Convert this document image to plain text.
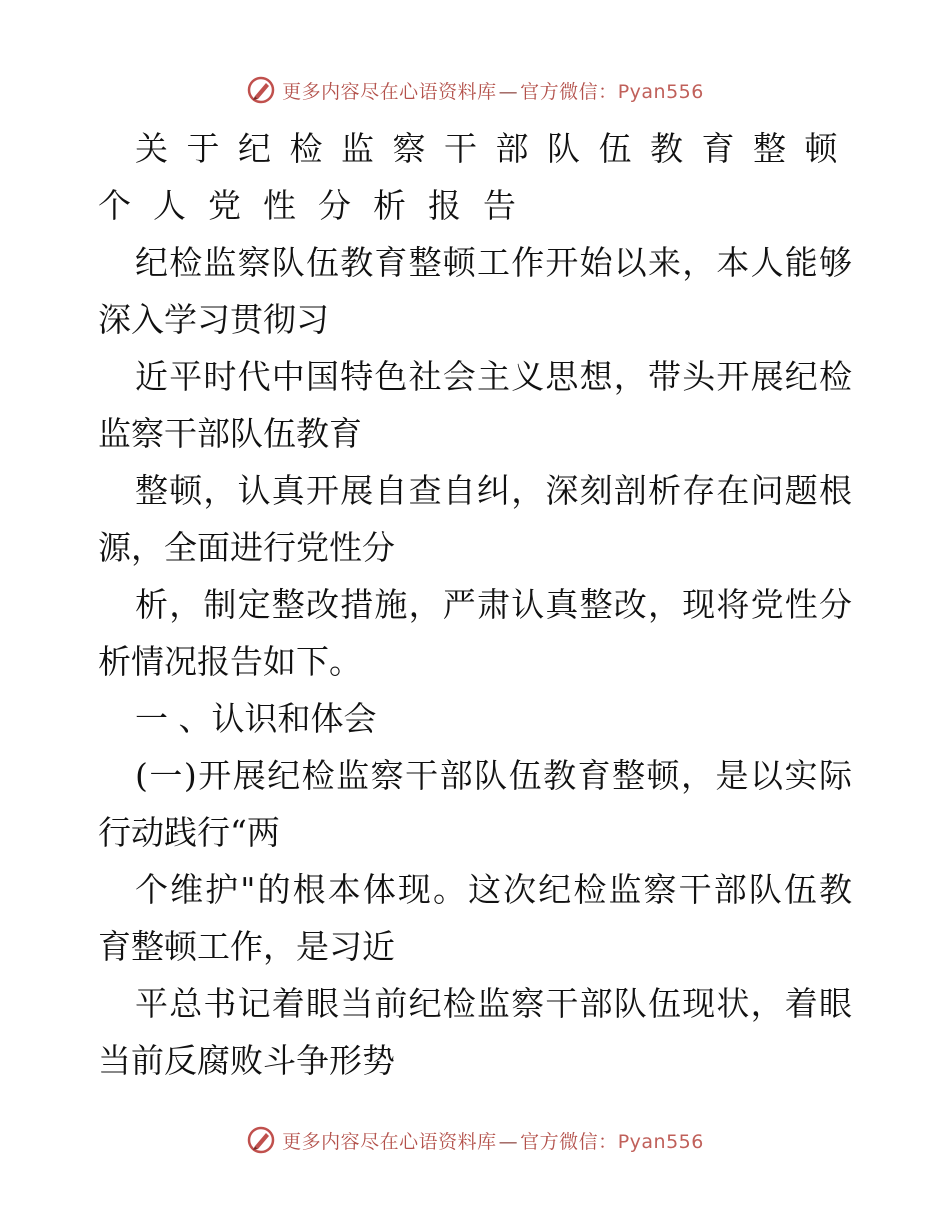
更多内容尽在心语资料库 — 官方微信：Pyan556
关于纪检监察干部队伍教育整顿
个人党性分析报告
纪检监察队伍教育整顿工作开始以来，本人能够
深入学习贯彻习
近平时代中国特色社会主义思想，带头开展纪检
监察干部队伍教育
整顿，认真开展自查自纠，深刻剖析存在问题根
源，全面进行党性分
析，制定整改措施，严肃认真整改，现将党性分
析情况报告如下。
一 、认识和体会
(一)开展纪检监察干部队伍教育整顿，是以实际
行动践行“两
个维护"的根本体现。这次纪检监察干部队伍教
育整顿工作，是习近
平总书记着眼当前纪检监察干部队伍现状，着眼
当前反腐败斗争形势
更多内容尽在心语资料库 — 官方微信：Pyan556
